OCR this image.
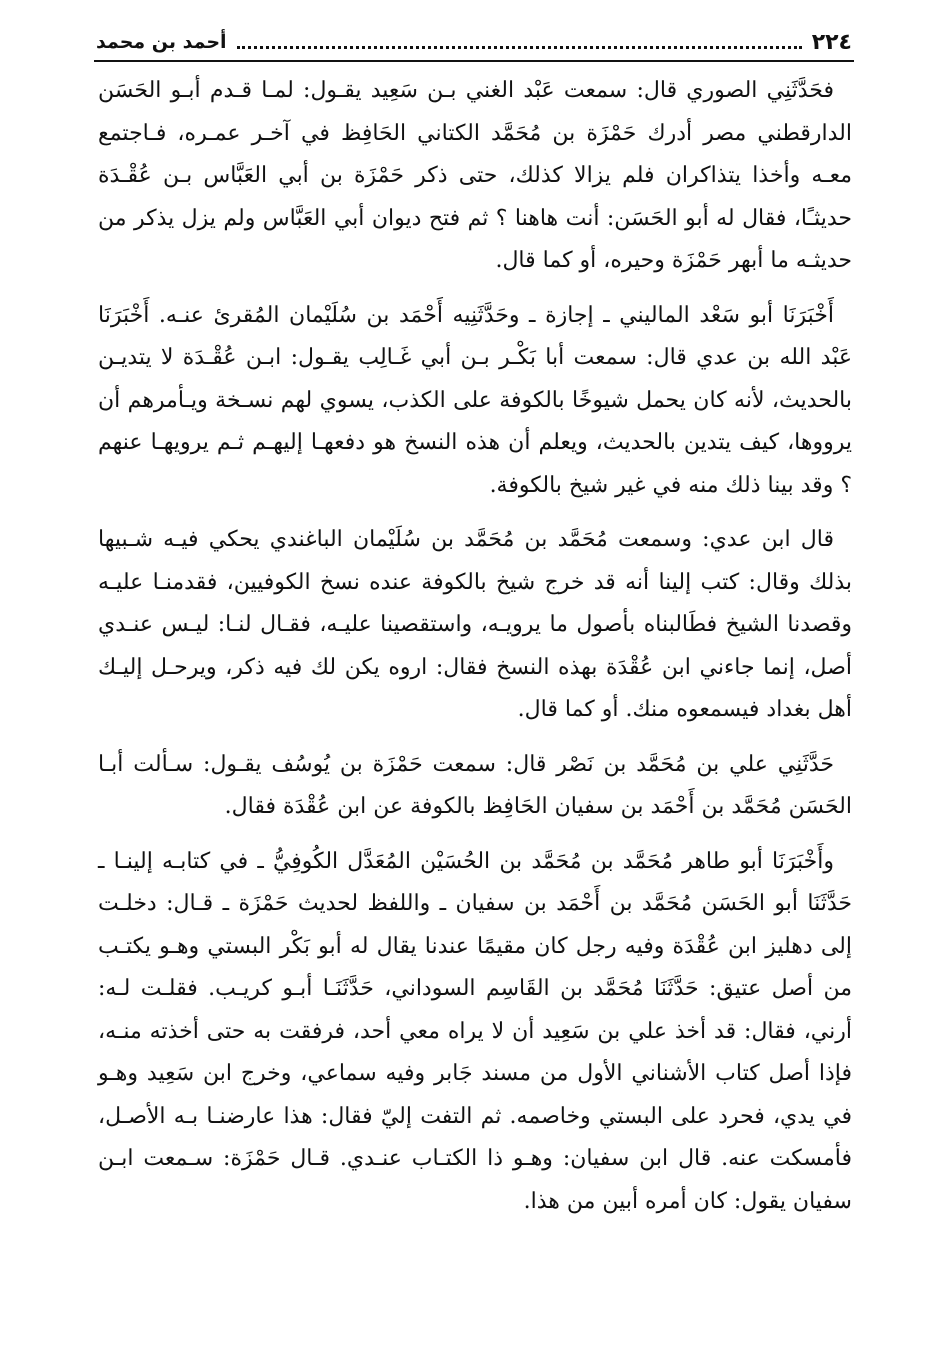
٢٢٤
أحمد بن محمد

فحَدَّثَنِي الصوري قال: سمعت عَبْد الغني بـن سَعِيد يقـول: لمـا قـدم أبـو الحَسَن الدارقطني مصر أدرك حَمْزَة بن مُحَمَّد الكتاني الحَافِظ في آخـر عمـره، فـاجتمع معـه وأخذا يتذاكران فلم يزالا كذلك، حتى ذكر حَمْزَة بن أبي العَبَّاس بـن عُقْـدَة حديثـًا، فقال له أبو الحَسَن: أنت هاهنا ؟ ثم فتح ديوان أبي العَبَّاس ولم يزل يذكر من حديثـه ما أبهر حَمْزَة وحيره، أو كما قال.

أَخْبَرَنَا أبو سَعْد الماليني ـ إجازة ـ وحَدَّثَنِيه أَحْمَد بن سُلَيْمان المُقرئ عنـه. أَخْبَرَنَا عَبْد الله بن عدي قال: سمعت أبا بَكْـر بـن أبي غَـالِب يقـول: ابـن عُقْـدَة لا يتديـن بالحديث، لأنه كان يحمل شيوخًا بالكوفة على الكذب، يسوي لهم نسـخة ويـأمرهم أن يرووها، كيف يتدين بالحديث، ويعلم أن هذه النسخ هو دفعهـا إليهـم ثـم يرويهـا عنهم ؟ وقد بينا ذلك منه في غير شيخ بالكوفة.

قال ابن عدي: وسمعت مُحَمَّد بن مُحَمَّد بن سُلَيْمان الباغندي يحكي فيـه شـبيها بذلك وقال: كتب إلينا أنه قد خرج شيخ بالكوفة عنده نسخ الكوفيين، فقدمنـا عليـه وقصدنا الشيخ فطَالبناه بأصول ما يرويـه، واستقصينا عليـه، فقـال لنـا: ليـس عنـدي أصل، إنما جاءني ابن عُقْدَة بهذه النسخ فقال: اروه يكن لك فيه ذكر، ويرحـل إليـك أهل بغداد فيسمعوه منك. أو كما قال.

حَدَّثَنِي علي بن مُحَمَّد بن نَصْر قال: سمعت حَمْزَة بن يُوسُف يقـول: سـألت أبـا الحَسَن مُحَمَّد بن أَحْمَد بن سفيان الحَافِظ بالكوفة عن ابن عُقْدَة فقال.

وأَخْبَرَنَا أبو طاهر مُحَمَّد بن مُحَمَّد بن الحُسَيْن المُعَدَّل الكُوفِيُّ ـ في كتابـه إلينـا ـ حَدَّثَنَا أبو الحَسَن مُحَمَّد بن أَحْمَد بن سفيان ـ واللفظ لحديث حَمْزَة ـ قـال: دخلـت إلى دهليز ابن عُقْدَة وفيه رجل كان مقيمًا عندنا يقال له أبو بَكْر البستي وهـو يكتـب من أصل عتيق: حَدَّثَنَا مُحَمَّد بن القَاسِم السوداني، حَدَّثَنَـا أبـو كريـب. فقلـت لـه: أرني، فقال: قد أخذ علي بن سَعِيد أن لا يراه معي أحد، فرفقت به حتى أخذته منـه، فإذا أصل كتاب الأشناني الأول من مسند جَابر وفيه سماعي، وخرج ابن سَعِيد وهـو في يدي، فحرد على البستي وخاصمه. ثم التفت إليّ فقال: هذا عارضنـا بـه الأصـل، فأمسكت عنه. قال ابن سفيان: وهـو ذا الكتـاب عنـدي. قـال حَمْزَة: سـمعت ابـن سفيان يقول: كان أمره أبين من هذا.
